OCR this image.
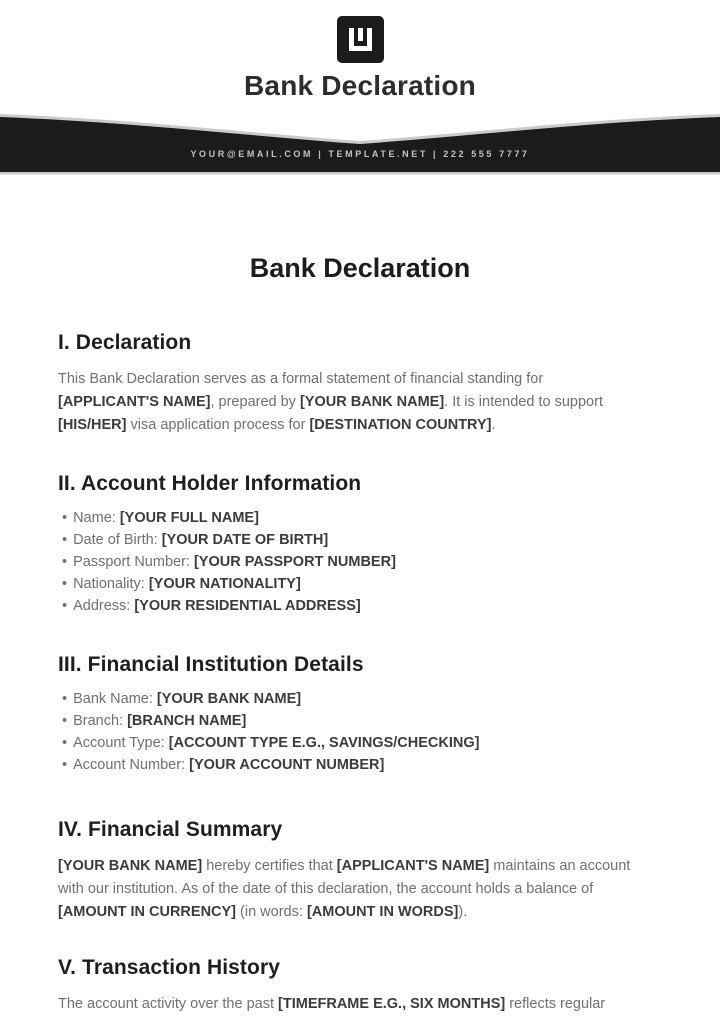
Bank Declaration
YOUR@EMAIL.COM | TEMPLATE.NET | 222 555 7777
Bank Declaration
I. Declaration

This Bank Declaration serves as a formal statement of financial standing for
[APPLICANT'S NAME], prepared by [YOUR BANK NAME]. It is intended to support
[HIS/HER] visa application process for [DESTINATION COUNTRY].

II. Account Holder Information
• Name: [YOUR FULL NAME]
• Date of Birth: [YOUR DATE OF BIRTH]
• Passport Number: [YOUR PASSPORT NUMBER]
• Nationality: [YOUR NATIONALITY]
• Address: [YOUR RESIDENTIAL ADDRESS]
III. Financial Institution Details
• Bank Name: [YOUR BANK NAME]
• Branch: [BRANCH NAME]
• Account Type: [ACCOUNT TYPE E.G., SAVINGS/CHECKING]
• Account Number: [YOUR ACCOUNT NUMBER]
IV. Financial Summary

[YOUR BANK NAME] hereby certifies that [APPLICANT'S NAME] maintains an account
with our institution. As of the date of this declaration, the account holds a balance of
[AMOUNT IN CURRENCY] (in words: [AMOUNT IN WORDS]).

V. Transaction History

The account activity over the past [TIMEFRAME E.G., SIX MONTHS] reflects regular
